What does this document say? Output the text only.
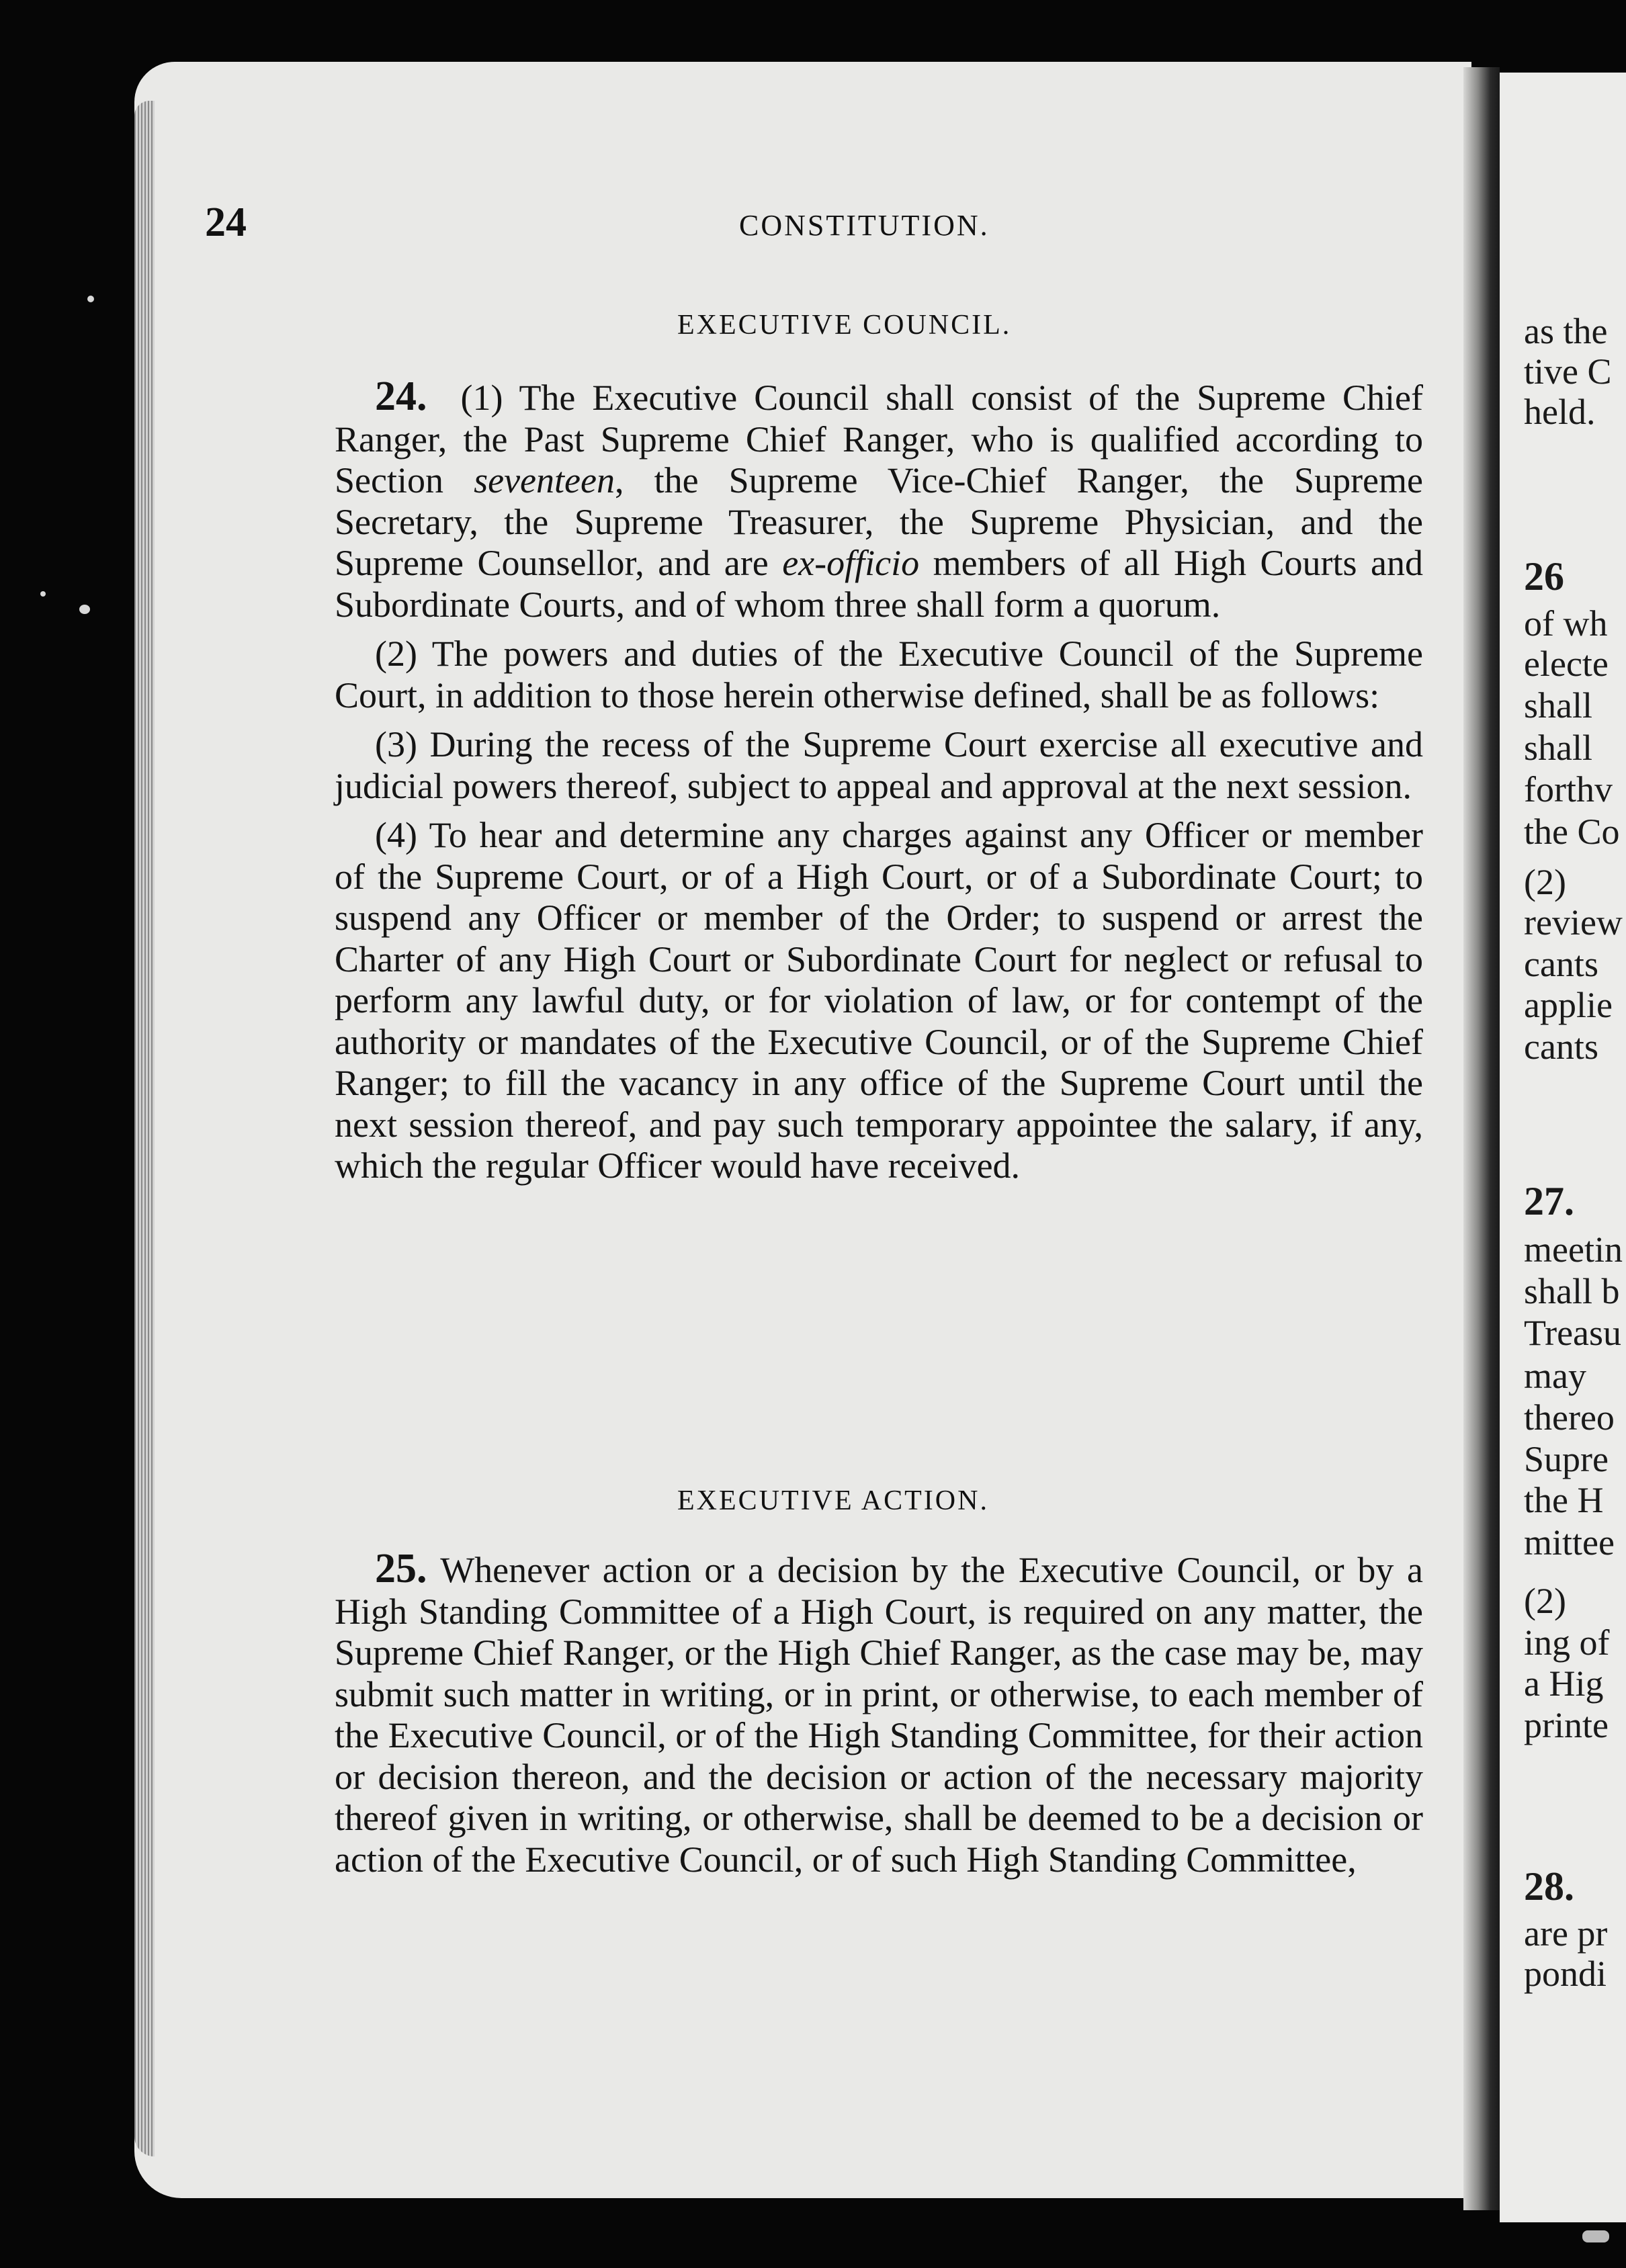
as the
tive C
held.
26
of wh
electe
shall
shall
forthv
the Co
(2)
review
cants
applie
cants
27.
meetin
shall b
Treasu
may
thereo
Supre
the H
mittee
(2)
ing of
a Hig
printe
28.
are pr
pondi
24	CONSTITUTION.
EXECUTIVE COUNCIL.

24. (1) The Executive Council shall consist of the Supreme Chief Ranger, the Past Supreme Chief Ranger, who is qualified according to Section seventeen, the Supreme Vice-Chief Ranger, the Supreme Secretary, the Supreme Treasurer, the Supreme Physician, and the Supreme Counsellor, and are ex-officio members of all High Courts and Subordinate Courts, and of whom three shall form a quorum.

(2) The powers and duties of the Executive Council of the Supreme Court, in addition to those herein otherwise defined, shall be as follows:

(3) During the recess of the Supreme Court exercise all executive and judicial powers thereof, subject to appeal and approval at the next session.

(4) To hear and determine any charges against any Officer or member of the Supreme Court, or of a High Court, or of a Subordinate Court; to suspend any Officer or member of the Order; to suspend or arrest the Charter of any High Court or Subordinate Court for neglect or refusal to perform any lawful duty, or for violation of law, or for contempt of the authority or mandates of the Executive Council, or of the Supreme Chief Ranger; to fill the vacancy in any office of the Supreme Court until the next session thereof, and pay such temporary appointee the salary, if any, which the regular Officer would have received.

EXECUTIVE ACTION.

25. Whenever action or a decision by the Executive Council, or by a High Standing Committee of a High Court, is required on any matter, the Supreme Chief Ranger, or the High Chief Ranger, as the case may be, may submit such matter in writing, or in print, or otherwise, to each member of the Executive Council, or of the High Standing Committee, for their action or decision thereon, and the decision or action of the necessary majority thereof given in writing, or otherwise, shall be deemed to be a decision or action of the Executive Council, or of such High Standing Committee,
